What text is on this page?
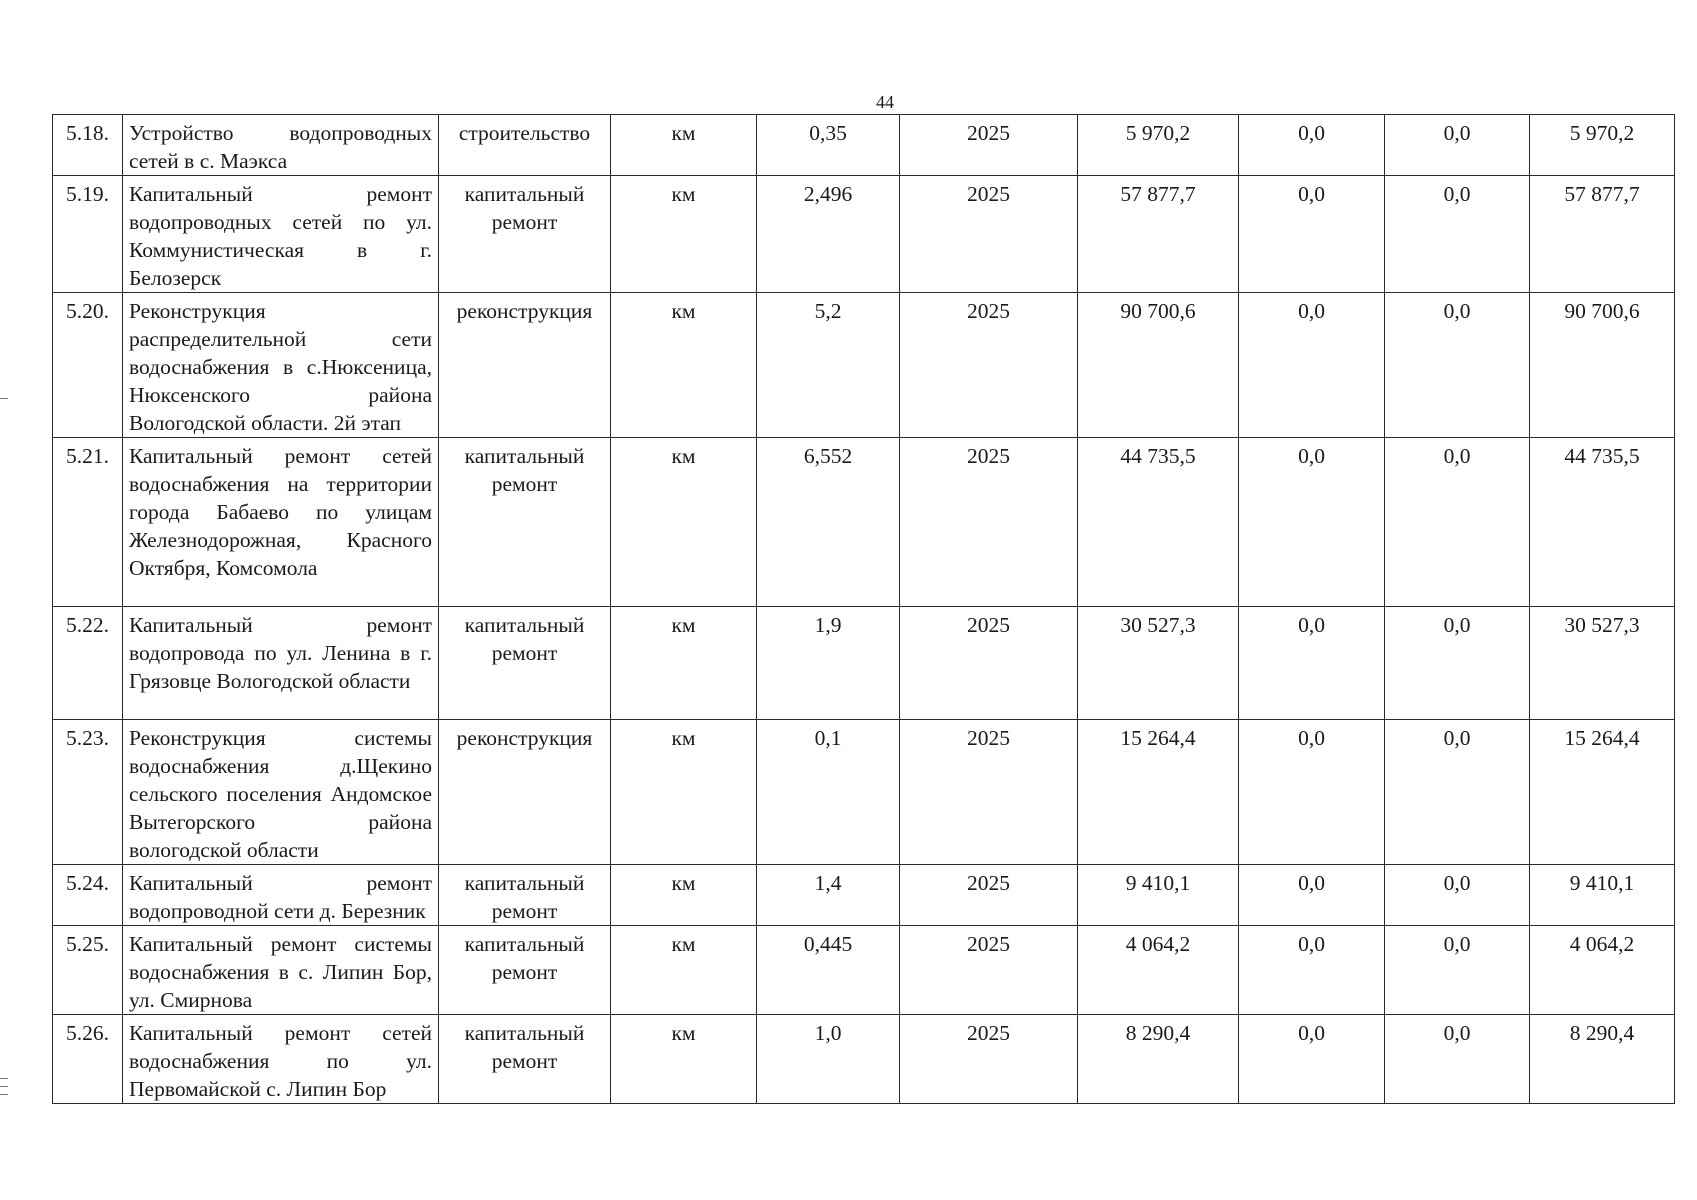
44
5.18.	Устройство водопроводных сетей в с. Маэкса	строительство	км	0,35	2025	5 970,2	0,0	0,0	5 970,2
5.19.	Капитальный ремонт водопроводных сетей по ул. Коммунистическая в г. Белозерск	капитальный ремонт	км	2,496	2025	57 877,7	0,0	0,0	57 877,7
5.20.	Реконструкция распределительной сети водоснабжения в с.Нюксеница, Нюксенского района Вологодской области. 2й этап	реконструкция	км	5,2	2025	90 700,6	0,0	0,0	90 700,6
5.21.	Капитальный ремонт сетей водоснабжения на территории города Бабаево по улицам Железнодорожная, Красного Октября, Комсомола	капитальный ремонт	км	6,552	2025	44 735,5	0,0	0,0	44 735,5
5.22.	Капитальный ремонт водопровода по ул. Ленина в г. Грязовце Вологодской области	капитальный ремонт	км	1,9	2025	30 527,3	0,0	0,0	30 527,3
5.23.	Реконструкция системы водоснабжения д.Щекино сельского поселения Андомское Вытегорского района вологодской области	реконструкция	км	0,1	2025	15 264,4	0,0	0,0	15 264,4
5.24.	Капитальный ремонт водопроводной сети д. Березник	капитальный ремонт	км	1,4	2025	9 410,1	0,0	0,0	9 410,1
5.25.	Капитальный ремонт системы водоснабжения в с. Липин Бор, ул. Смирнова	капитальный ремонт	км	0,445	2025	4 064,2	0,0	0,0	4 064,2
5.26.	Капитальный ремонт сетей водоснабжения по ул. Первомайской с. Липин Бор	капитальный ремонт	км	1,0	2025	8 290,4	0,0	0,0	8 290,4
